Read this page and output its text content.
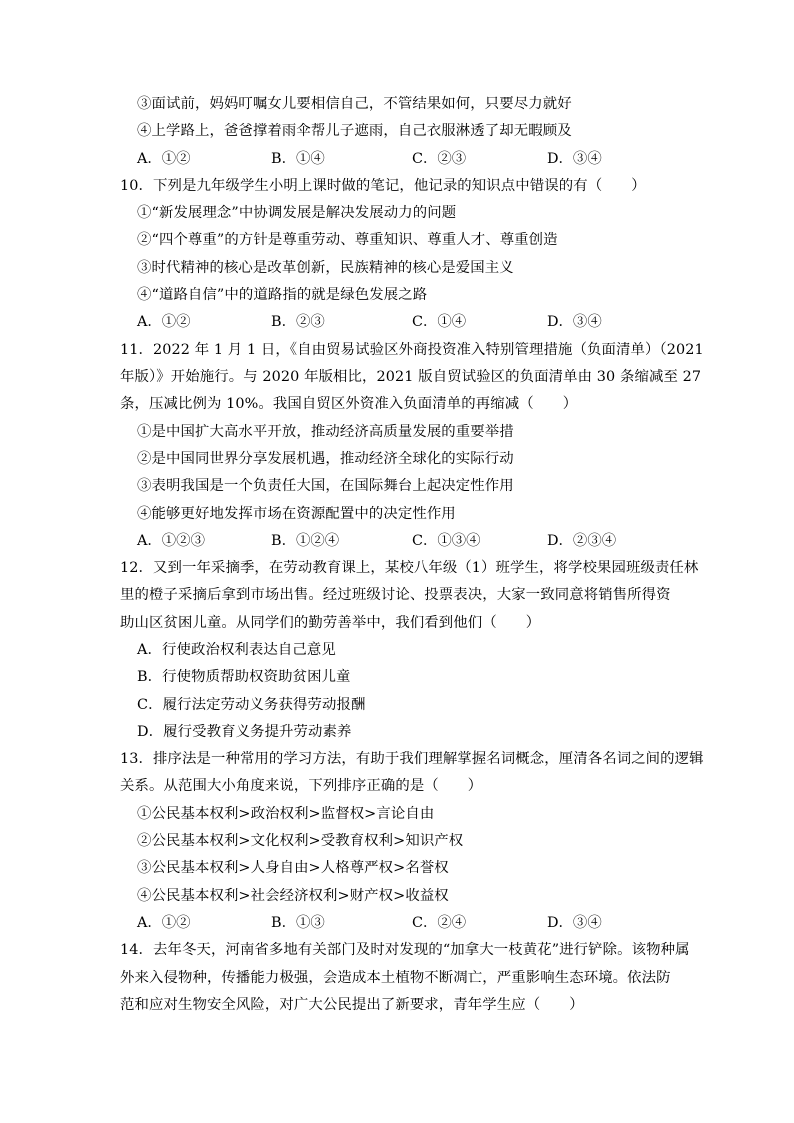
③面试前，妈妈叮嘱女儿要相信自己，不管结果如何，只要尽力就好
④上学路上，爸爸撑着雨伞帮儿子遮雨，自己衣服淋透了却无暇顾及
A．①②	B．①④	C．②③	D．③④
10．下列是九年级学生小明上课时做的笔记，他记录的知识点中错误的有（　　）
①“新发展理念”中协调发展是解决发展动力的问题
②“四个尊重”的方针是尊重劳动、尊重知识、尊重人才、尊重创造
③时代精神的核心是改革创新，民族精神的核心是爱国主义
④“道路自信”中的道路指的就是绿色发展之路
A．①②	B．②③	C．①④	D．③④
11．2022 年 1 月 1 日，《自由贸易试验区外商投资准入特别管理措施（负面清单）（2021
年版）》开始施行。与 2020 年版相比，2021 版自贸试验区的负面清单由 30 条缩减至 27
条，压减比例为 10%。我国自贸区外资准入负面清单的再缩减（　　）
①是中国扩大高水平开放，推动经济高质量发展的重要举措
②是中国同世界分享发展机遇，推动经济全球化的实际行动
③表明我国是一个负责任大国，在国际舞台上起决定性作用
④能够更好地发挥市场在资源配置中的决定性作用
A．①②③	B．①②④	C．①③④	D．②③④
12．又到一年采摘季，在劳动教育课上，某校八年级（1）班学生，将学校果园班级责任林
里的橙子采摘后拿到市场出售。经过班级讨论、投票表决，大家一致同意将销售所得资
助山区贫困儿童。从同学们的勤劳善举中，我们看到他们（　　）
A．行使政治权利表达自己意见
B．行使物质帮助权资助贫困儿童
C．履行法定劳动义务获得劳动报酬
D．履行受教育义务提升劳动素养
13．排序法是一种常用的学习方法，有助于我们理解掌握名词概念，厘清各名词之间的逻辑
关系。从范围大小角度来说，下列排序正确的是（　　）
①公民基本权利>政治权利>监督权>言论自由
②公民基本权利>文化权利>受教育权利>知识产权
③公民基本权利>人身自由>人格尊严权>名誉权
④公民基本权利>社会经济权利>财产权>收益权
A．①②	B．①③	C．②④	D．③④
14．去年冬天，河南省多地有关部门及时对发现的“加拿大一枝黄花”进行铲除。该物种属
外来入侵物种，传播能力极强，会造成本土植物不断凋亡，严重影响生态环境。依法防
范和应对生物安全风险，对广大公民提出了新要求，青年学生应（　　）
